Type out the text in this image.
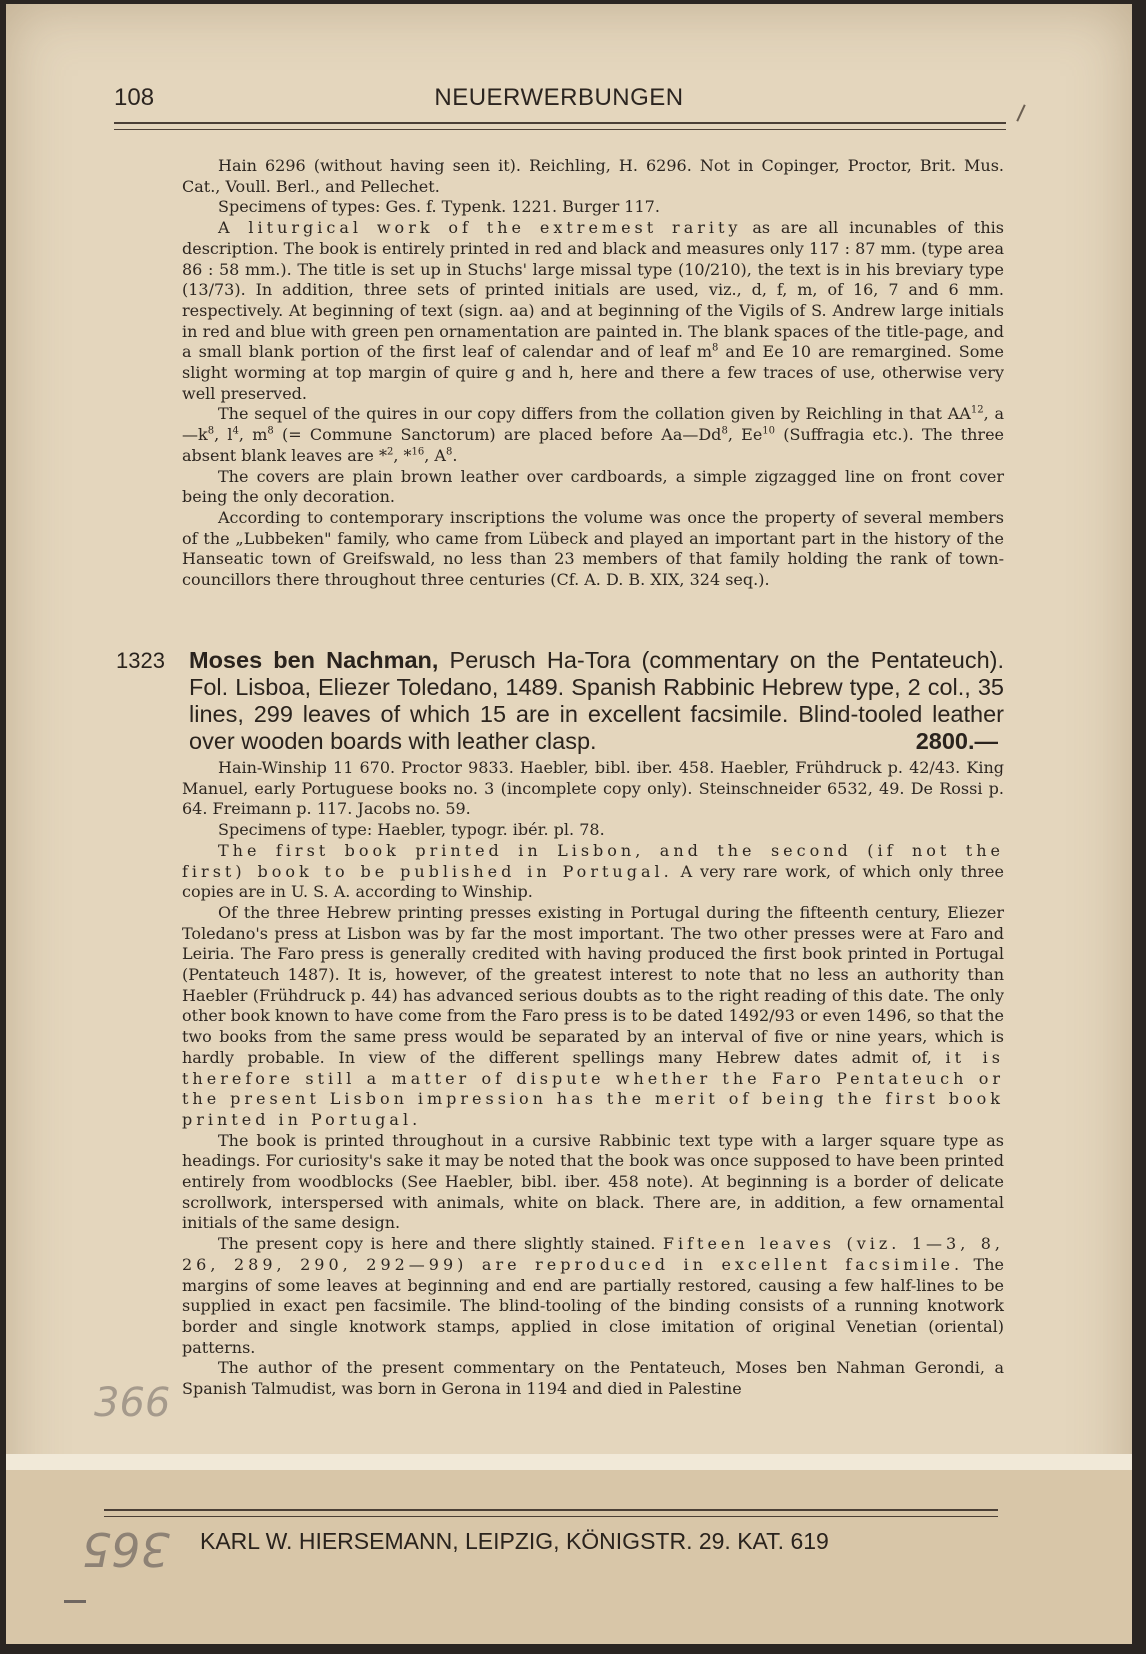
108	NEUERWERBUNGEN

Hain 6296 (without having seen it). Reichling, H. 6296. Not in Copinger, Proctor, Brit. Mus. Cat., Voull. Berl., and Pellechet.

Specimens of types: Ges. f. Typenk. 1221. Burger 117.

A liturgical work of the extremest rarity as are all incunables of this description. The book is entirely printed in red and black and measures only 117 : 87 mm. (type area 86 : 58 mm.). The title is set up in Stuchs' large missal type (10/210), the text is in his breviary type (13/73). In addition, three sets of printed initials are used, viz., d, f, m, of 16, 7 and 6 mm. respectively. At beginning of text (sign. aa) and at beginning of the Vigils of S. Andrew large initials in red and blue with green pen ornamentation are painted in. The blank spaces of the title-page, and a small blank portion of the first leaf of calendar and of leaf $m^8$ and Ee 10 are remargined. Some slight worming at top margin of quire g and h, here and there a few traces of use, otherwise very well preserved.

The sequel of the quires in our copy differs from the collation given by Reichling in that AA$^{12}$, $a—k^8$, $l^4$, $m^8$ (= Commune Sanctorum) are placed before Aa—Dd$^8$, Ee$^{10}$ (Suffragia etc.). The three absent blank leaves are *$^2$, *$^{16}$, $A^8$.

The covers are plain brown leather over cardboards, a simple zigzagged line on front cover being the only decoration.

According to contemporary inscriptions the volume was once the property of several members of the „Lubbeken" family, who came from Lübeck and played an important part in the history of the Hanseatic town of Greifswald, no less than 23 members of that family holding the rank of town-councillors there throughout three centuries (Cf. A. D. B. XIX, 324 seq.).

1323 Moses ben Nachman, Perusch Ha-Tora (commentary on the Pentateuch). Fol. Lisboa, Eliezer Toledano, 1489. Spanish Rabbinic Hebrew type, 2 col., 35 lines, 299 leaves of which 15 are in excellent facsimile. Blind-tooled leather over wooden boards with leather clasp.	2800.—

Hain-Winship 11 670. Proctor 9833. Haebler, bibl. iber. 458. Haebler, Frühdruck p. 42/43. King Manuel, early Portuguese books no. 3 (incomplete copy only). Steinschneider 6532, 49. De Rossi p. 64. Freimann p. 117. Jacobs no. 59.

Specimens of type: Haebler, typogr. ibér. pl. 78.

The first book printed in Lisbon, and the second (if not the first) book to be published in Portugal. A very rare work, of which only three copies are in U. S. A. according to Winship.

Of the three Hebrew printing presses existing in Portugal during the fifteenth century, Eliezer Toledano's press at Lisbon was by far the most important. The two other presses were at Faro and Leiria. The Faro press is generally credited with having produced the first book printed in Portugal (Pentateuch 1487). It is, however, of the greatest interest to note that no less an authority than Haebler (Frühdruck p. 44) has advanced serious doubts as to the right reading of this date. The only other book known to have come from the Faro press is to be dated 1492/93 or even 1496, so that the two books from the same press would be separated by an interval of five or nine years, which is hardly probable. In view of the different spellings many Hebrew dates admit of, it is therefore still a matter of dispute whether the Faro Pentateuch or the present Lisbon impression has the merit of being the first book printed in Portugal.

The book is printed throughout in a cursive Rabbinic text type with a larger square type as headings. For curiosity's sake it may be noted that the book was once supposed to have been printed entirely from woodblocks (See Haebler, bibl. iber. 458 note). At beginning is a border of delicate scrollwork, interspersed with animals, white on black. There are, in addition, a few ornamental initials of the same design.

The present copy is here and there slightly stained. Fifteen leaves (viz. 1—3, 8, 26, 289, 290, 292—99) are reproduced in excellent facsimile. The margins of some leaves at beginning and end are partially restored, causing a few half-lines to be supplied in exact pen facsimile. The blind-tooling of the binding consists of a running knotwork border and single knotwork stamps, applied in close imitation of original Venetian (oriental) patterns.

The author of the present commentary on the Pentateuch, Moses ben Nahman Gerondi, a Spanish Talmudist, was born in Gerona in 1194 and died in Palestine

366
KARL W. HIERSEMANN, LEIPZIG, KÖNIGSTR. 29. KAT. 619
365
